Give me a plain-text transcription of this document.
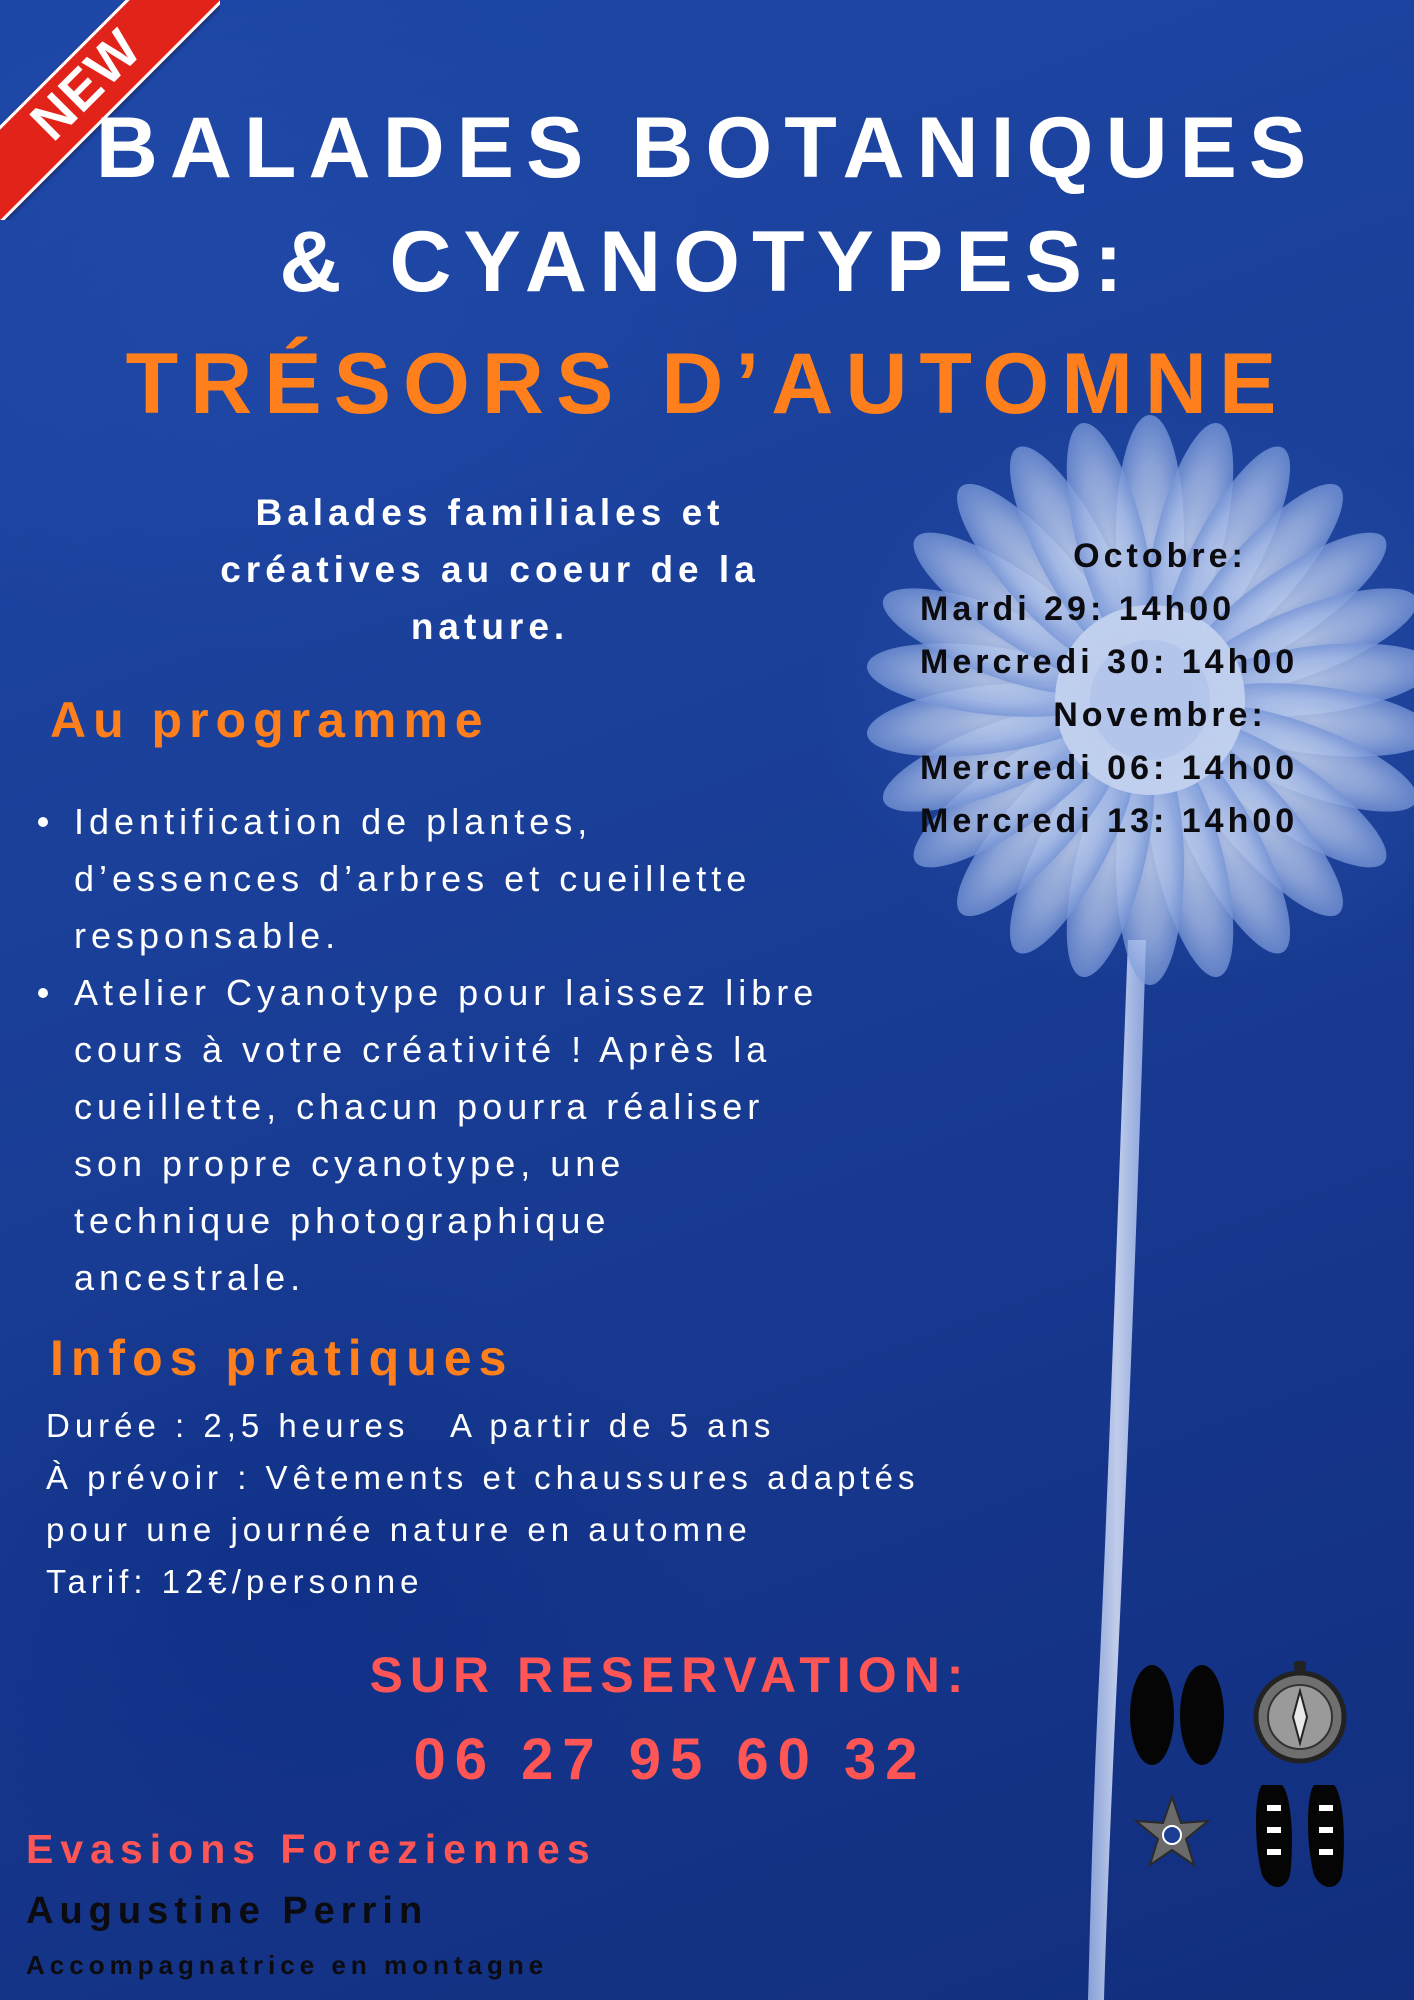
NEW
BALADES BOTANIQUES
& CYANOTYPES:
TRÉSORS D’AUTOMNE
Balades familiales et
créatives au coeur de la
nature.
Octobre:
Mardi 29: 14h00
Mercredi 30: 14h00
Novembre:
Mercredi 06: 14h00
Mercredi 13: 14h00
Au programme
Identification de plantes,
d’essences d’arbres et cueillette
responsable.
Atelier Cyanotype pour laissez libre
cours à votre créativité ! Après la
cueillette, chacun pourra réaliser
son propre cyanotype, une
technique photographique
ancestrale.
Infos pratiques
Durée : 2,5 heures   A partir de 5 ans
À prévoir : Vêtements et chaussures adaptés
pour une journée nature en automne
Tarif: 12€/personne
SUR RESERVATION:
06 27 95 60 32
Evasions Foreziennes
Augustine Perrin
Accompagnatrice en montagne
